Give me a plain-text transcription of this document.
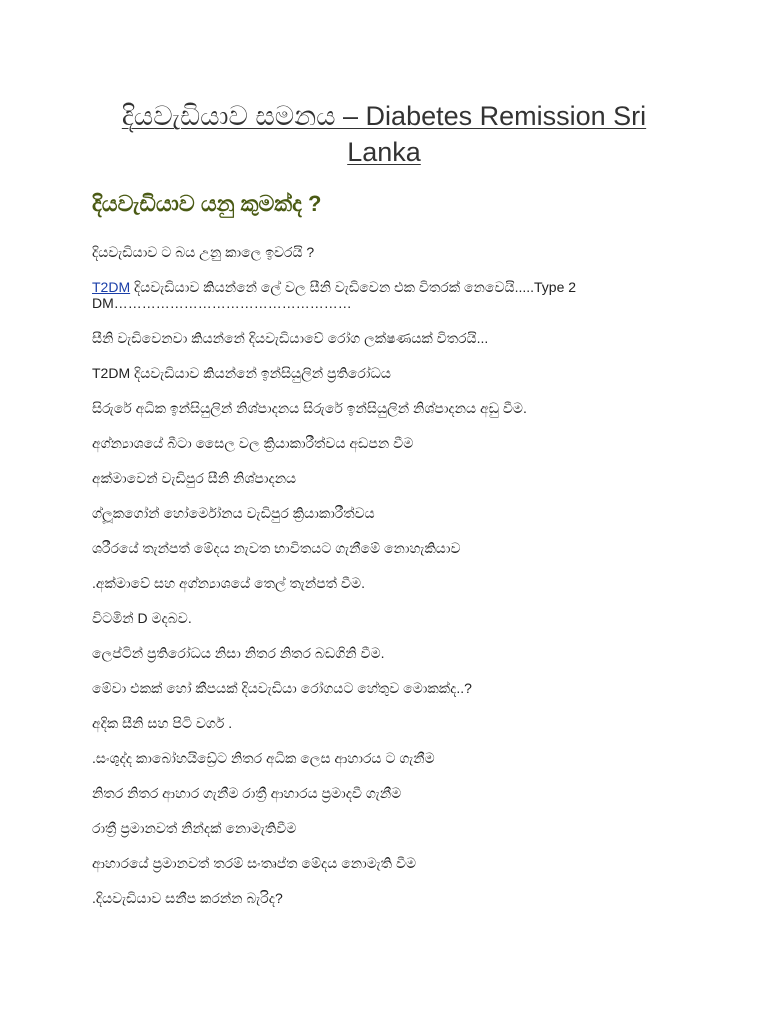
දියවැඩියාව සමනය – Diabetes Remission Sri Lanka
දියවැඩියාව යනු කුමක්ද ?

දියවැඩියාව ට බය උනු කාලෙ ඉවරයි ?

T2DM දියවැඩියාව කියන්නේ ලේ වල සීනි වැඩිවෙන එක විතරක් නෙවෙයි.....Type 2 DM……………………………………………

සීනි වැඩිවෙනවා කියන්නේ දියවැඩියාවේ රෝග ලක්ෂණයක් විතරයි...

T2DM දියවැඩියාව කියන්නේ ඉන්සියුලින් ප්‍රතිරෝධය

සිරුරේ අධික ඉන්සියුලින් නිශ්පාදනය සිරුරේ ඉන්සියුලින් නිශ්පාදනය අඩු වීම.

අග්න්‍යාශයේ බීටා සෛල වල ක්‍රියාකාරීත්වය අඩපන වීම

අක්මාවෙන් වැඩිපුර සීනි නිශ්පාදනය

ග්ලූකගෝන් හෝර්මෝනය වැඩිපුර ක්‍රියාකාරීත්වය

ශරීරයේ තැන්පත් මේදය නැවත භාවිතයට ගැනීමේ නොහැකියාව

.අක්මාවේ සහ අග්න්‍යාශයේ තෙල් තැන්පත් වීම.

විටමින් D මදබව.

ලෙප්ටින් ප්‍රතිරෝධය නිසා නිතර නිතර බඩගිනි වීම.

මේවා එකක් හෝ කීපයක් දියවැඩියා රෝගයට හේතුව මොකක්ද..?

අදික සීනි සහ පිටි වර්ග .

.සංශුද්ද කාබෝහයිඩ්‍රේට නිතර අධික ලෙස ආහාරය ට ගැනීම

නිතර නිතර ආහාර ගැනීම රාත්‍රී ආහාරය ප්‍රමාදවී ගැනීම

රාත්‍රී ප්‍රමානවත් නින්දක් නොමැතිවීම

ආහාරයේ ප්‍රමානවත් තරම් සංතෘප්ත මේදය නොමැති වීම

.දියවැඩියාව සනීප කරන්න බැරිද?
